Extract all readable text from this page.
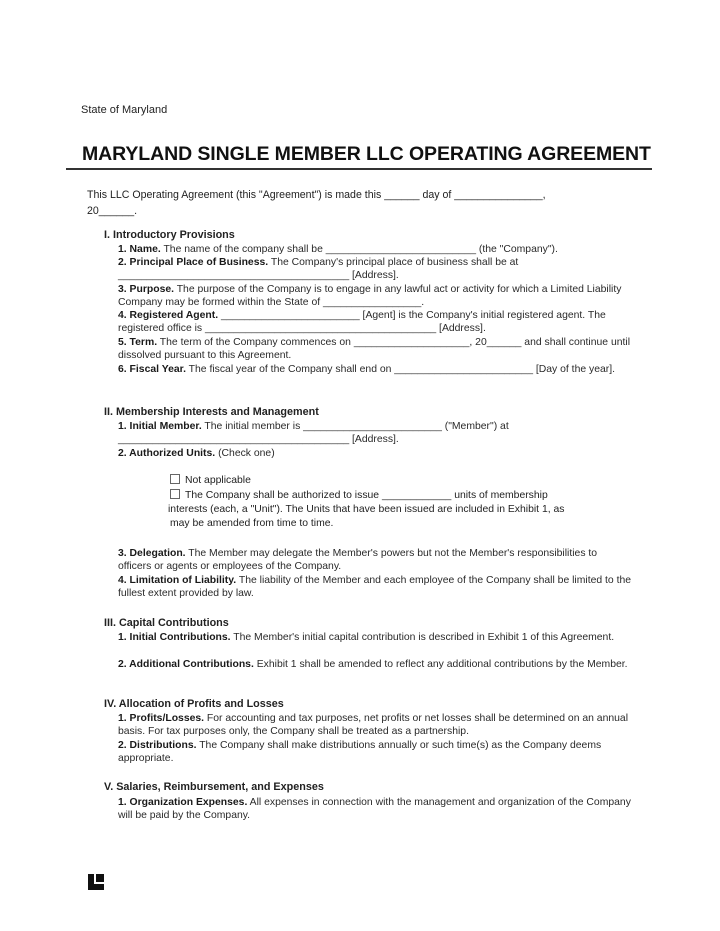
State of Maryland
MARYLAND SINGLE MEMBER LLC OPERATING AGREEMENT
This LLC Operating Agreement (this "Agreement") is made this ______ day of _______________,
20______.
I. Introductory Provisions
1. Name. The name of the company shall be __________________________ (the "Company").
2. Principal Place of Business. The Company's principal place of business shall be at ________________________________________ [Address].
3. Purpose. The purpose of the Company is to engage in any lawful act or activity for which a Limited Liability Company may be formed within the State of _________________.
4. Registered Agent. ________________________ [Agent] is the Company's initial registered agent. The registered office is ________________________________________ [Address].
5. Term. The term of the Company commences on ____________________, 20______ and shall continue until dissolved pursuant to this Agreement.
6. Fiscal Year. The fiscal year of the Company shall end on ________________________ [Day of the year].
II. Membership Interests and Management
1. Initial Member. The initial member is ________________________ ("Member") at ________________________________________ [Address].
2. Authorized Units. (Check one)
Not applicable
The Company shall be authorized to issue ____________ units of membership
interests (each, a "Unit"). The Units that have been issued are included in Exhibit 1, as
may be amended from time to time.
3. Delegation. The Member may delegate the Member's powers but not the Member's responsibilities to officers or agents or employees of the Company.
4. Limitation of Liability. The liability of the Member and each employee of the Company shall be limited to the fullest extent provided by law.
III. Capital Contributions
1. Initial Contributions. The Member's initial capital contribution is described in Exhibit 1 of this Agreement.
2. Additional Contributions. Exhibit 1 shall be amended to reflect any additional contributions by the Member.
IV. Allocation of Profits and Losses
1. Profits/Losses. For accounting and tax purposes, net profits or net losses shall be determined on an annual basis. For tax purposes only, the Company shall be treated as a partnership.
2. Distributions. The Company shall make distributions annually or such time(s) as the Company deems appropriate.
V. Salaries, Reimbursement, and Expenses
1. Organization Expenses. All expenses in connection with the management and organization of the Company will be paid by the Company.
